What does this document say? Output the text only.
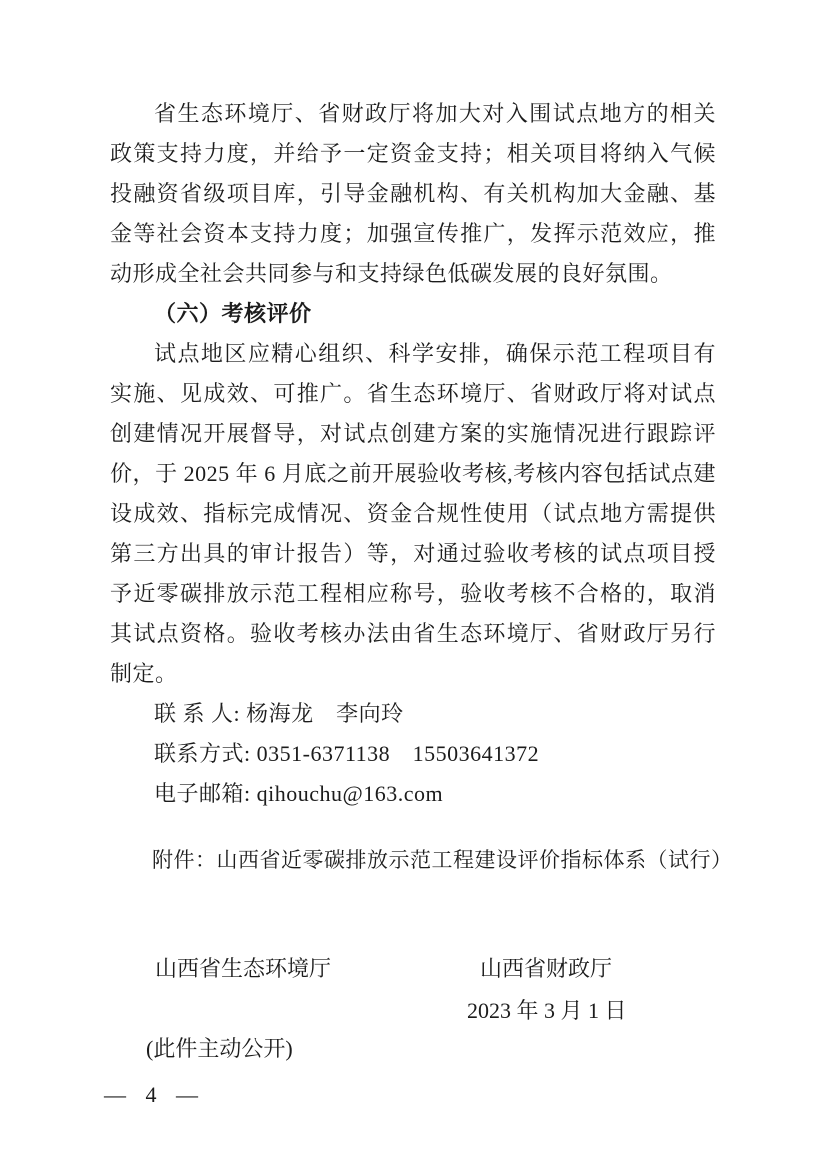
省生态环境厅、省财政厅将加大对入围试点地方的相关政策支持力度，并给予一定资金支持；相关项目将纳入气候投融资省级项目库，引导金融机构、有关机构加大金融、基金等社会资本支持力度；加强宣传推广，发挥示范效应，推动形成全社会共同参与和支持绿色低碳发展的良好氛围。

（六）考核评价

试点地区应精心组织、科学安排，确保示范工程项目有实施、见成效、可推广。省生态环境厅、省财政厅将对试点创建情况开展督导，对试点创建方案的实施情况进行跟踪评价，于 2025 年 6 月底之前开展验收考核,考核内容包括试点建设成效、指标完成情况、资金合规性使用（试点地方需提供第三方出具的审计报告）等，对通过验收考核的试点项目授予近零碳排放示范工程相应称号，验收考核不合格的，取消其试点资格。验收考核办法由省生态环境厅、省财政厅另行制定。

联 系 人: 杨海龙　李向玲

联系方式: 0351-6371138　15503641372

电子邮箱: qihouchu@163.com

附件：山西省近零碳排放示范工程建设评价指标体系（试行）

山西省生态环境厅	山西省财政厅
2023 年 3 月 1 日
(此件主动公开)
— 4 —
